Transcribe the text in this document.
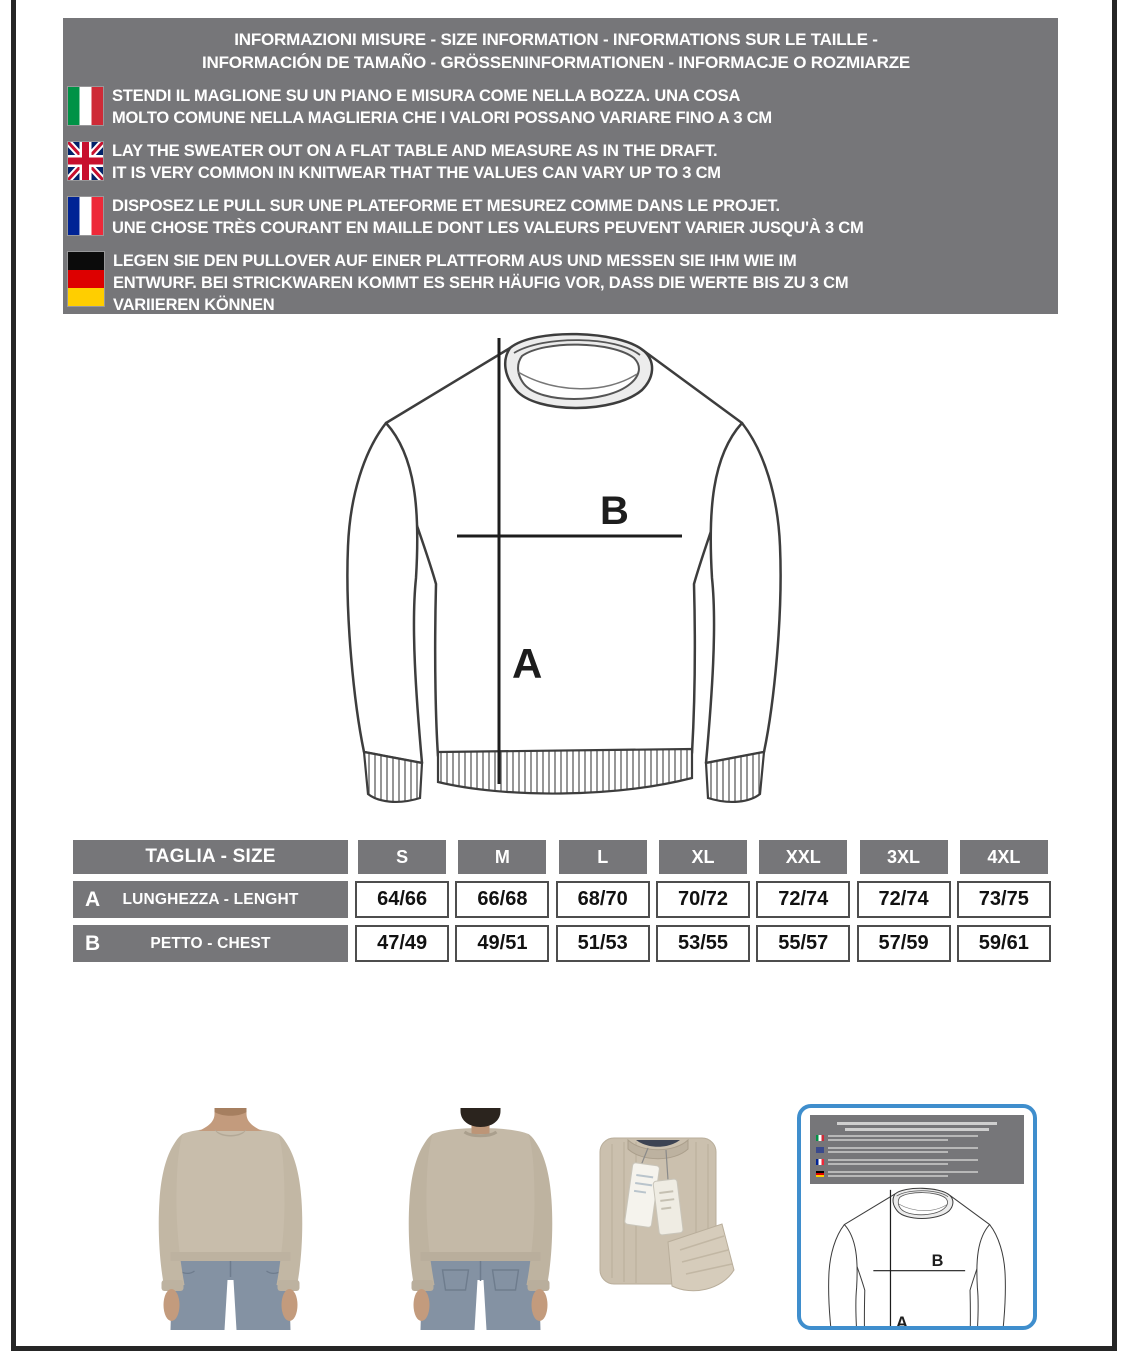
INFORMAZIONI MISURE - SIZE INFORMATION - INFORMATIONS SUR LE TAILLE -
INFORMACIÓN DE TAMAÑO - GRÖSSENINFORMATIONEN - INFORMACJE O ROZMIARZE
STENDI IL MAGLIONE SU UN PIANO E MISURA COME NELLA BOZZA. UNA COSA
MOLTO COMUNE NELLA MAGLIERIA CHE I VALORI POSSANO VARIARE FINO A 3 CM
LAY THE SWEATER OUT ON A FLAT TABLE AND MEASURE AS IN THE DRAFT.
IT IS VERY COMMON IN KNITWEAR THAT THE VALUES CAN VARY UP TO 3 CM
DISPOSEZ LE PULL SUR UNE PLATEFORME ET MESUREZ COMME DANS LE PROJET.
UNE CHOSE TRÈS COURANT EN MAILLE DONT LES VALEURS PEUVENT VARIER JUSQU'À 3 CM
LEGEN SIE DEN PULLOVER AUF EINER PLATTFORM AUS UND MESSEN SIE IHM WIE IM
ENTWURF. BEI STRICKWAREN KOMMT ES SEHR HÄUFIG VOR, DASS DIE WERTE BIS ZU 3 CM
VARIIEREN KÖNNEN
TAGLIA - SIZE	S	M	L	XL	XXL	3XL	4XL
A LUNGHEZZA - LENGHT	64/66	66/68	68/70	70/72	72/74	72/74	73/75
B	PETTO - CHEST	47/49	49/51	51/53	53/55	55/57	57/59	59/61
